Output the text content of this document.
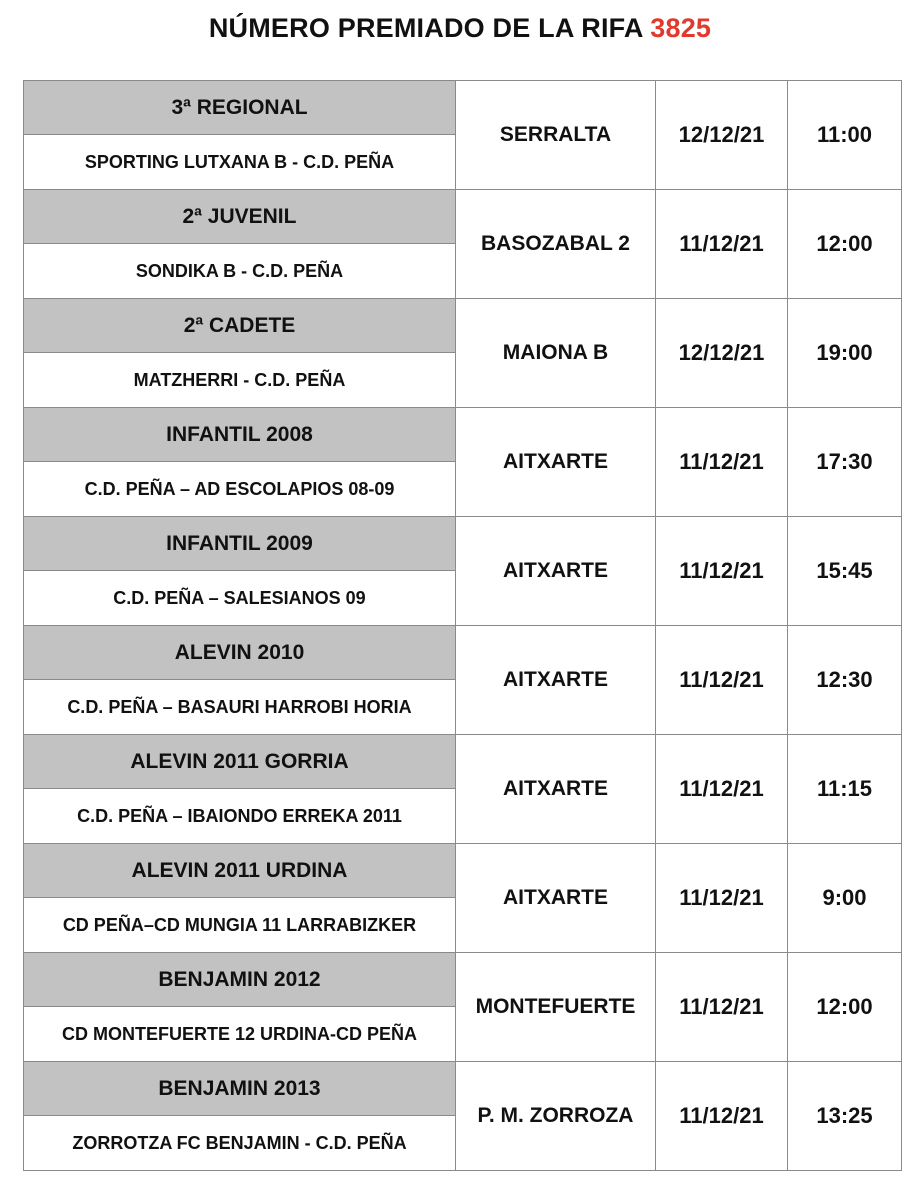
NÚMERO PREMIADO DE LA RIFA 3825
3ª REGIONAL	SERRALTA	12/12/21	11:00
SPORTING LUTXANA B - C.D. PEÑA			
2ª JUVENIL	BASOZABAL 2	11/12/21	12:00
SONDIKA B - C.D. PEÑA			
2ª CADETE	MAIONA B	12/12/21	19:00
MATZHERRI - C.D. PEÑA			
INFANTIL 2008	AITXARTE	11/12/21	17:30
C.D. PEÑA – AD ESCOLAPIOS 08-09			
INFANTIL 2009	AITXARTE	11/12/21	15:45
C.D. PEÑA – SALESIANOS 09			
ALEVIN 2010	AITXARTE	11/12/21	12:30
C.D. PEÑA – BASAURI HARROBI HORIA			
ALEVIN 2011 GORRIA	AITXARTE	11/12/21	11:15
C.D. PEÑA – IBAIONDO ERREKA 2011			
ALEVIN 2011 URDINA	AITXARTE	11/12/21	9:00
CD PEÑA–CD MUNGIA 11 LARRABIZKER			
BENJAMIN 2012	MONTEFUERTE	11/12/21	12:00
CD MONTEFUERTE 12 URDINA-CD PEÑA			
BENJAMIN 2013	P. M. ZORROZA	11/12/21	13:25
ZORROTZA FC BENJAMIN - C.D. PEÑA			
